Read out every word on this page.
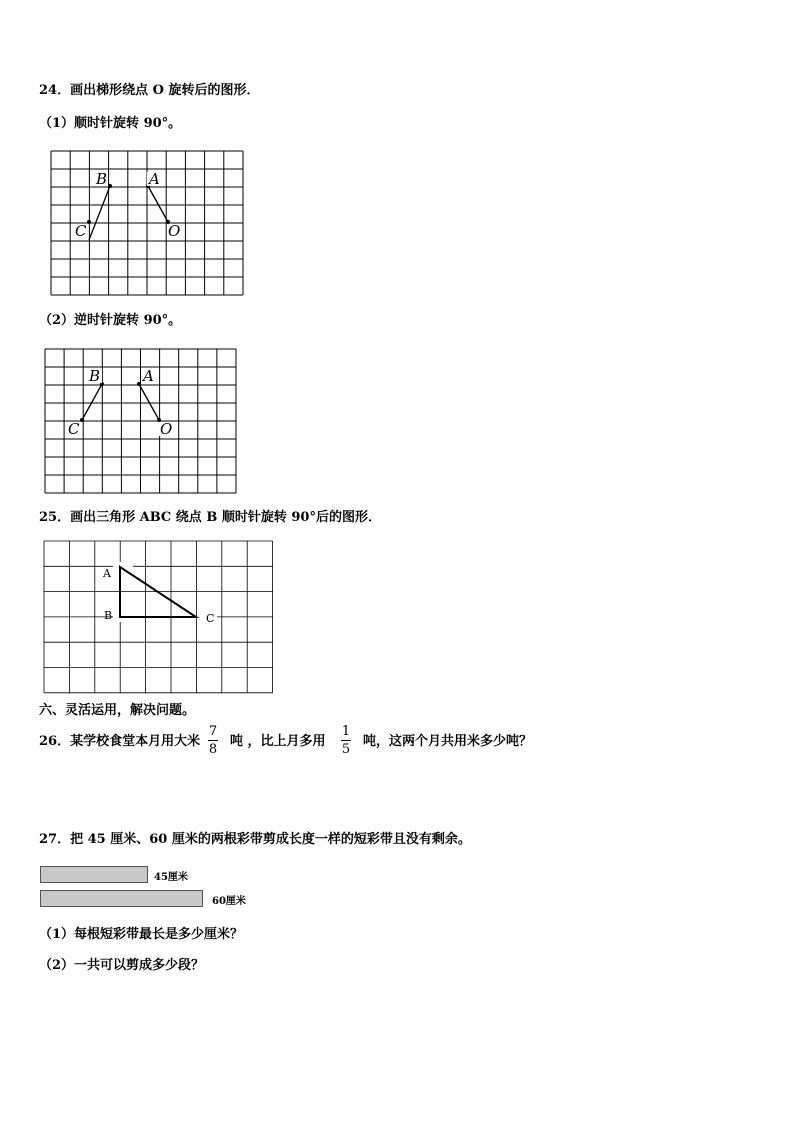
24．画出梯形绕点 O 旋转后的图形．
（1）顺时针旋转 90°。
B	A
C	O
（2）逆时针旋转 90°。
B	A
C	O
25．画出三角形 ABC 绕点 B 顺时针旋转 90°后的图形．
A
B	C
六、灵活运用，解决问题。
26．某学校食堂本月用大米
7
8
吨 ，比上月多用
1
5
吨，这两个月共用米多少吨？
27．把 45 厘米、60 厘米的两根彩带剪成长度一样的短彩带且没有剩余。
45厘米
60厘米
（1）每根短彩带最长是多少厘米？
（2）一共可以剪成多少段？
